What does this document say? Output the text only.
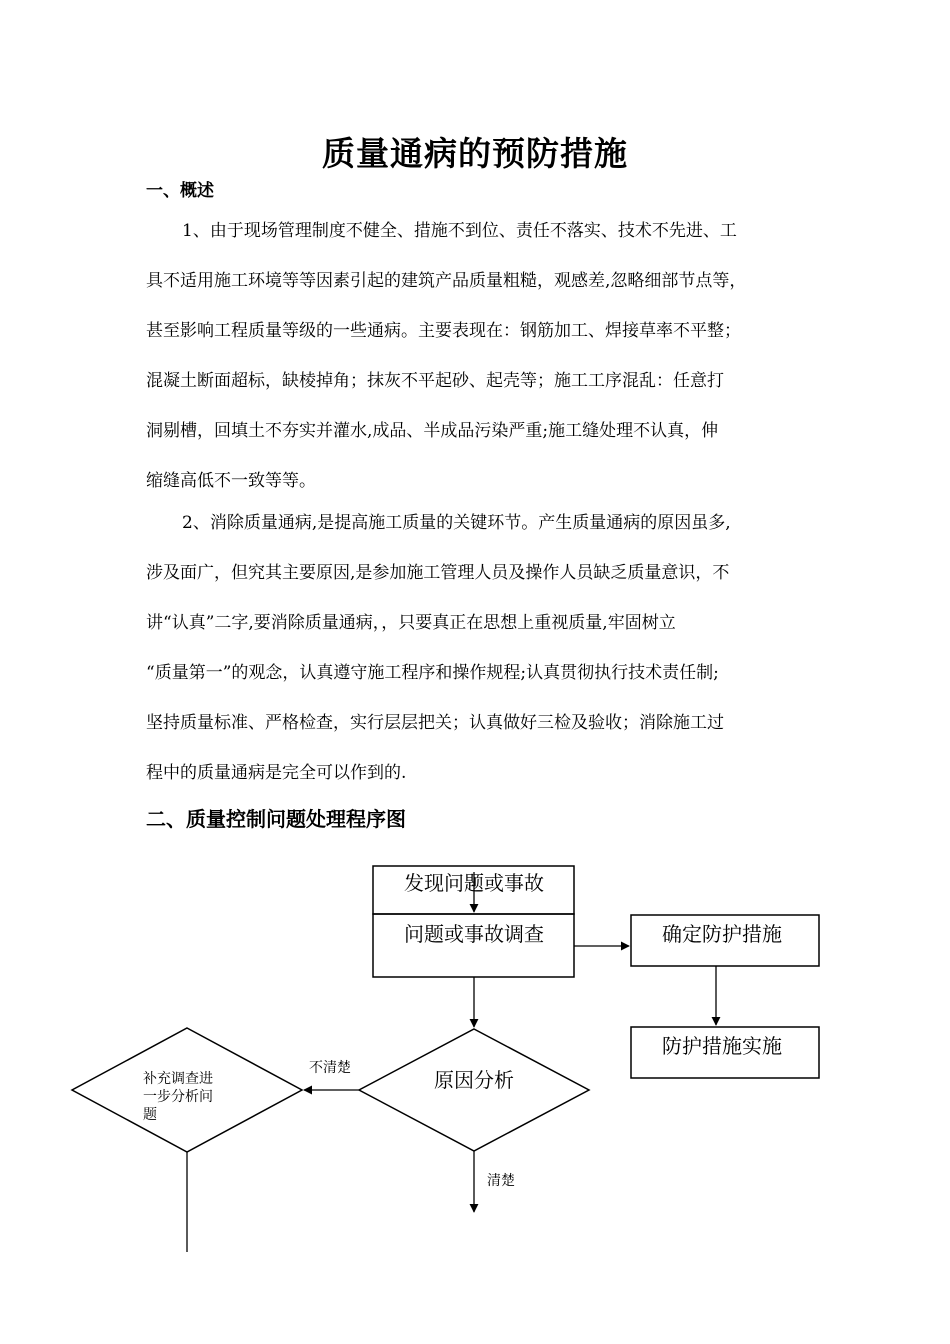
质量通病的预防措施
一、概述
1、由于现场管理制度不健全、措施不到位、责任不落实、技术不先进、工
具不适用施工环境等等因素引起的建筑产品质量粗糙，观感差,忽略细部节点等，
甚至影响工程质量等级的一些通病。主要表现在：钢筋加工、焊接草率不平整；
混凝土断面超标，缺棱掉角；抹灰不平起砂、起壳等；施工工序混乱：任意打
洞剔槽，回填土不夯实并灌水,成品、半成品污染严重;施工缝处理不认真，伸
缩缝高低不一致等等。
2、消除质量通病,是提高施工质量的关键环节。产生质量通病的原因虽多,
涉及面广，但究其主要原因,是参加施工管理人员及操作人员缺乏质量意识，不
讲“认真”二字,要消除质量通病，，只要真正在思想上重视质量,牢固树立
“质量第一”的观念，认真遵守施工程序和操作规程;认真贯彻执行技术责任制;
坚持质量标准、严格检查，实行层层把关；认真做好三检及验收；消除施工过
程中的质量通病是完全可以作到的.
二、质量控制问题处理程序图
发现问题或事故
问题或事故调查	确定防护措施
防护措施实施
原因分析
补充调查进
一步分析问
题
不清楚
清楚
